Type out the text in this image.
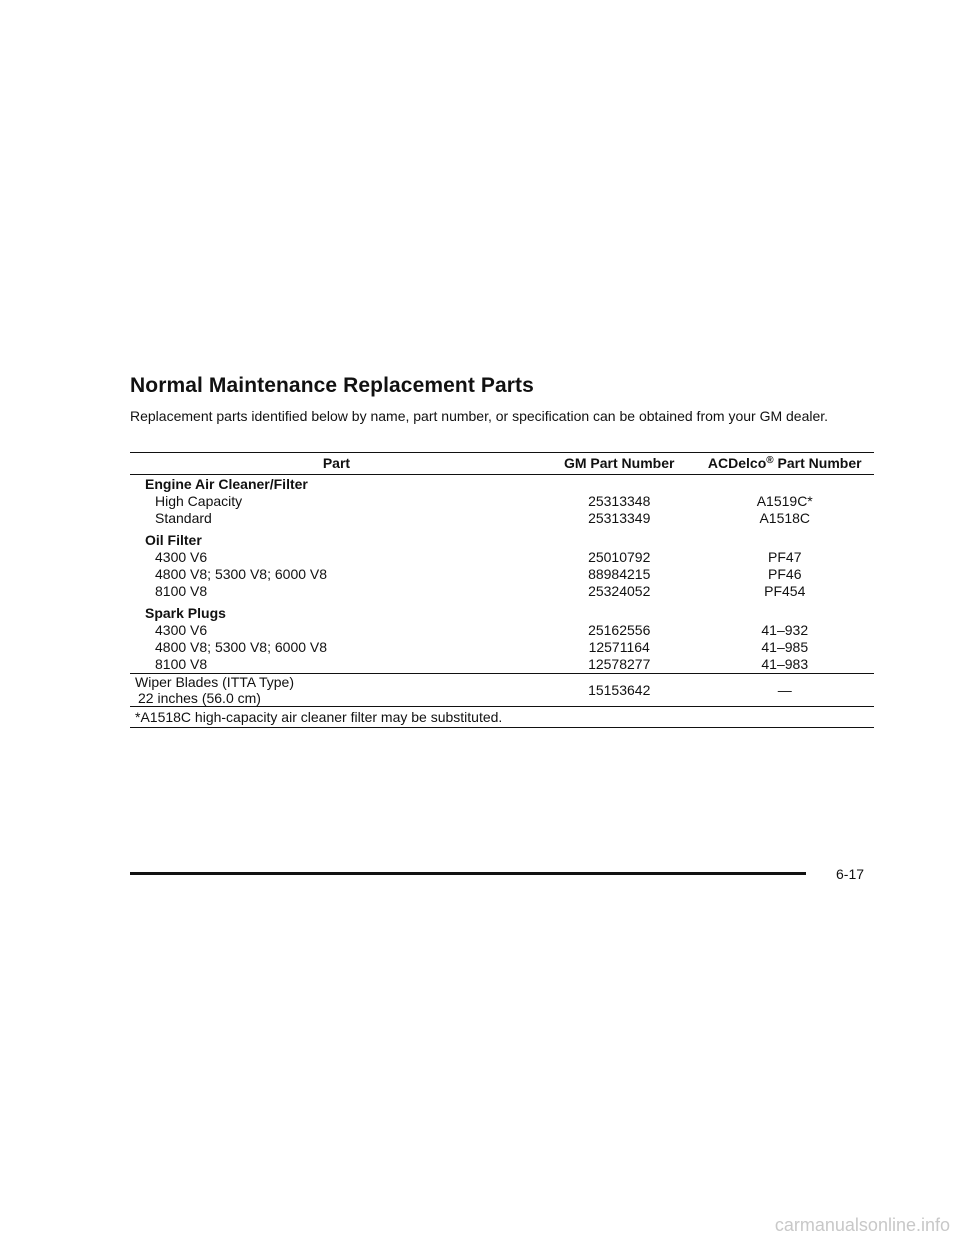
Normal Maintenance Replacement Parts

Replacement parts identified below by name, part number, or specification can be obtained from your GM dealer.

Part	GM Part Number	ACDelco® Part Number
Engine Air Cleaner/Filter		
High Capacity	25313348	A1519C*
Standard	25313349	A1518C

Oil Filter		
4300 V6	25010792	PF47
4800 V8; 5300 V8; 6000 V8	88984215	PF46
8100 V8	25324052	PF454

Spark Plugs		
4300 V6	25162556	41–932
4800 V8; 5300 V8; 6000 V8	12571164	41–985
8100 V8	12578277	41–983
Wiper Blades (ITTA Type)
22 inches (56.0 cm)	15153642	—
*A1518C high-capacity air cleaner filter may be substituted.		
6-17
carmanualsonline.info
